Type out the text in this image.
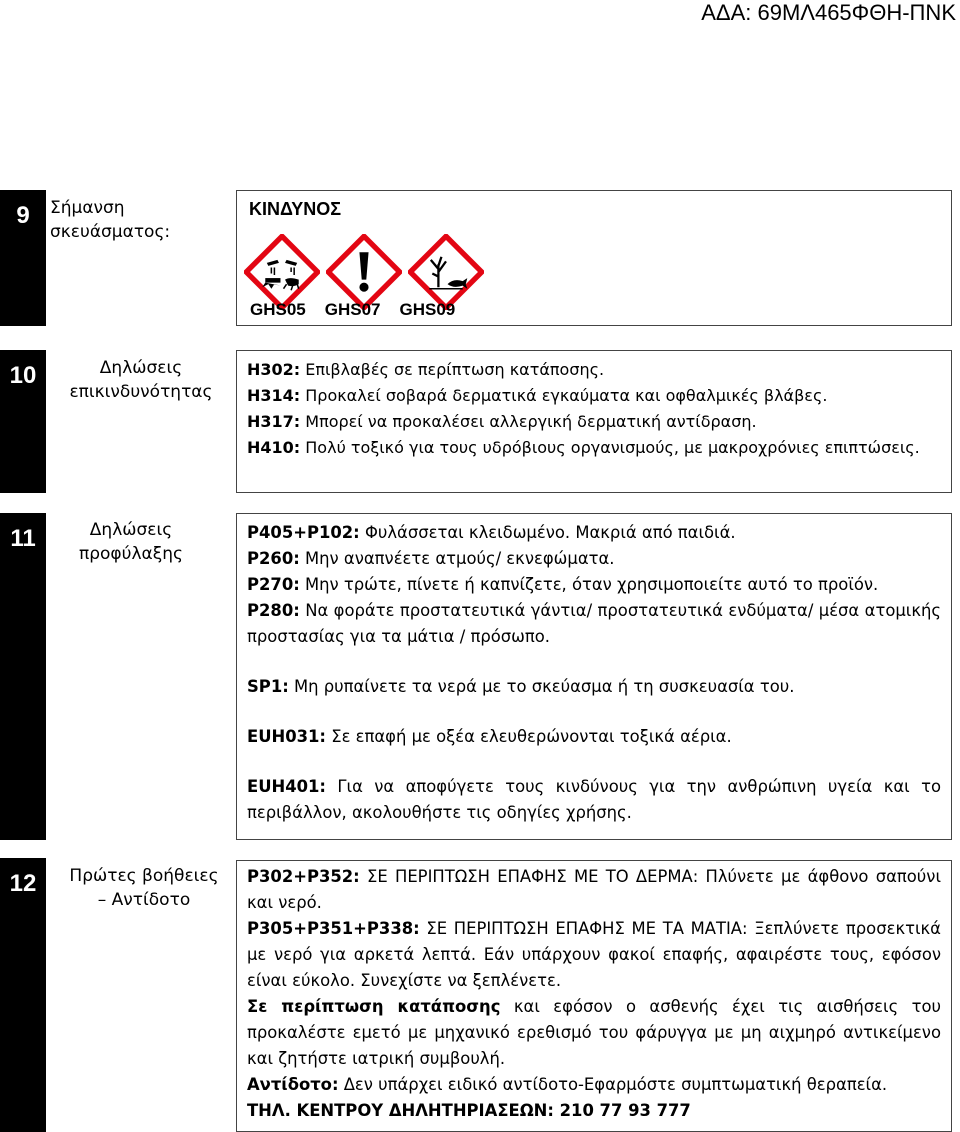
ΑΔΑ: 69ΜΛ465ΦΘΗ-ΠΝΚ
9	Σήμανση
σκευάσματος:
ΚΙΝΔΥΝΟΣ
GHS05 GHS07 GHS09
10	Δηλώσεις
επικινδυνότητας
H302: Επιβλαβές σε περίπτωση κατάποσης.
H314: Προκαλεί σοβαρά δερματικά εγκαύματα και οφθαλμικές βλάβες.
H317: Μπορεί να προκαλέσει αλλεργική δερματική αντίδραση.
H410: Πολύ τοξικό για τους υδρόβιους οργανισμούς, με μακροχρόνιες επιπτώσεις.
11	Δηλώσεις
προφύλαξης
P405+P102: Φυλάσσεται κλειδωμένο. Μακριά από παιδιά.
P260: Μην αναπνέετε ατμούς/ εκνεφώματα.
P270: Μην τρώτε, πίνετε ή καπνίζετε, όταν χρησιμοποιείτε αυτό το προϊόν.
P280: Να φοράτε προστατευτικά γάντια/ προστατευτικά ενδύματα/ μέσα ατομικής προστασίας για τα μάτια / πρόσωπο.
SP1: Μη ρυπαίνετε τα νερά με το σκεύασμα ή τη συσκευασία του.
EUH031: Σε επαφή με οξέα ελευθερώνονται τοξικά αέρια.
EUH401: Για να αποφύγετε τους κινδύνους για την ανθρώπινη υγεία και το περιβάλλον, ακολουθήστε τις οδηγίες χρήσης.
12	Πρώτες βοήθειες
– Αντίδοτο
P302+P352: ΣΕ ΠΕΡΙΠΤΩΣΗ ΕΠΑΦΗΣ ΜΕ ΤΟ ΔΕΡΜΑ: Πλύνετε με άφθονο σαπούνι και νερό.
P305+P351+P338: ΣΕ ΠΕΡΙΠΤΩΣΗ ΕΠΑΦΗΣ ΜΕ ΤΑ ΜΑΤΙΑ: Ξεπλύνετε προσεκτικά με νερό για αρκετά λεπτά. Εάν υπάρχουν φακοί επαφής, αφαιρέστε τους, εφόσον είναι εύκολο. Συνεχίστε να ξεπλένετε.
Σε περίπτωση κατάποσης και εφόσον ο ασθενής έχει τις αισθήσεις του προκαλέστε εμετό με μηχανικό ερεθισμό του φάρυγγα με μη αιχμηρό αντικείμενο και ζητήστε ιατρική συμβουλή.
Αντίδοτο: Δεν υπάρχει ειδικό αντίδοτο-Εφαρμόστε συμπτωματική θεραπεία.
ΤΗΛ. ΚΕΝΤΡΟΥ ΔΗΛΗΤΗΡΙΑΣΕΩΝ: 210 77 93 777
